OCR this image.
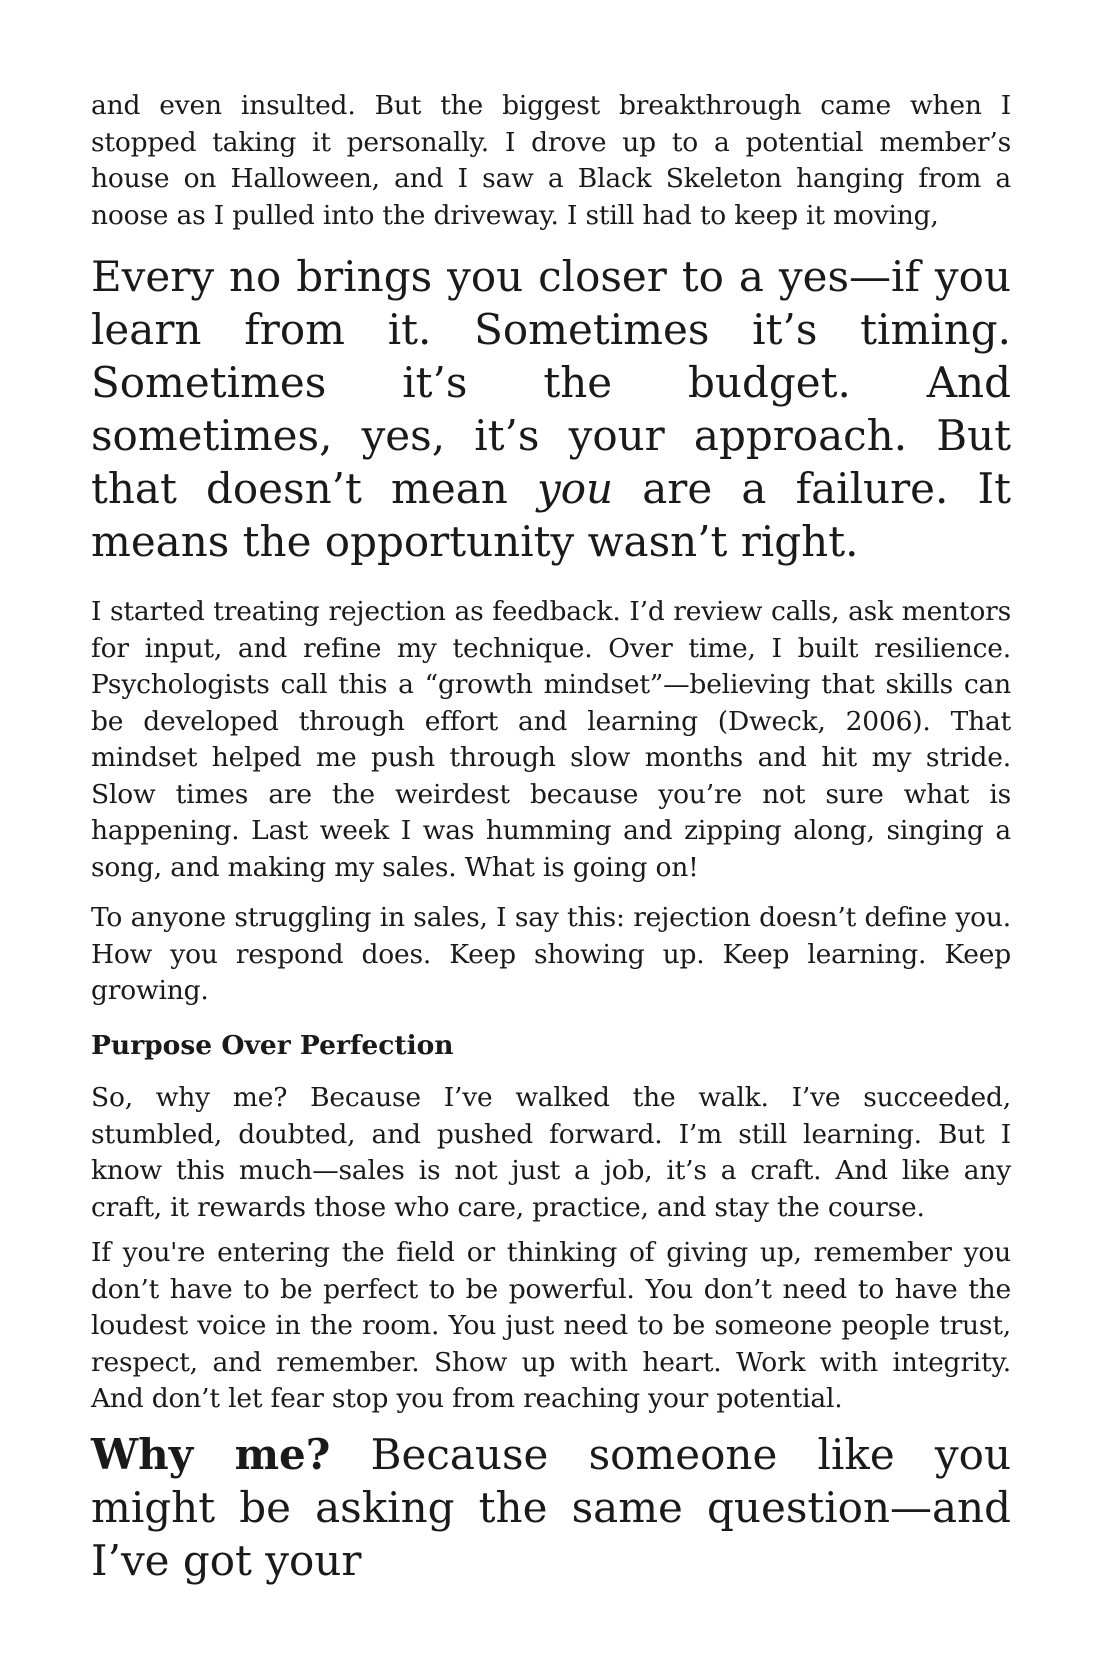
and even insulted. But the biggest breakthrough came when I stopped taking it personally. I drove up to a potential member’s house on Halloween, and I saw a Black Skeleton hanging from a noose as I pulled into the driveway. I still had to keep it moving,

Every no brings you closer to a yes—if you learn from it. Sometimes it’s timing. Sometimes it’s the budget. And sometimes, yes, it’s your approach. But that doesn’t mean you are a failure. It means the opportunity wasn’t right.

I started treating rejection as feedback. I’d review calls, ask mentors for input, and refine my technique. Over time, I built resilience. Psychologists call this a “growth mindset”—believing that skills can be developed through effort and learning (Dweck, 2006). That mindset helped me push through slow months and hit my stride. Slow times are the weirdest because you’re not sure what is happening. Last week I was humming and zipping along, singing a song, and making my sales. What is going on!

To anyone struggling in sales, I say this: rejection doesn’t define you. How you respond does. Keep showing up. Keep learning. Keep growing.

Purpose Over Perfection

So, why me? Because I’ve walked the walk. I’ve succeeded, stumbled, doubted, and pushed forward. I’m still learning. But I know this much—sales is not just a job, it’s a craft. And like any craft, it rewards those who care, practice, and stay the course.

If you're entering the field or thinking of giving up, remember you don’t have to be perfect to be powerful. You don’t need to have the loudest voice in the room. You just need to be someone people trust, respect, and remember. Show up with heart. Work with integrity. And don’t let fear stop you from reaching your potential.

Why me? Because someone like you might be asking the same question—and I’ve got your
